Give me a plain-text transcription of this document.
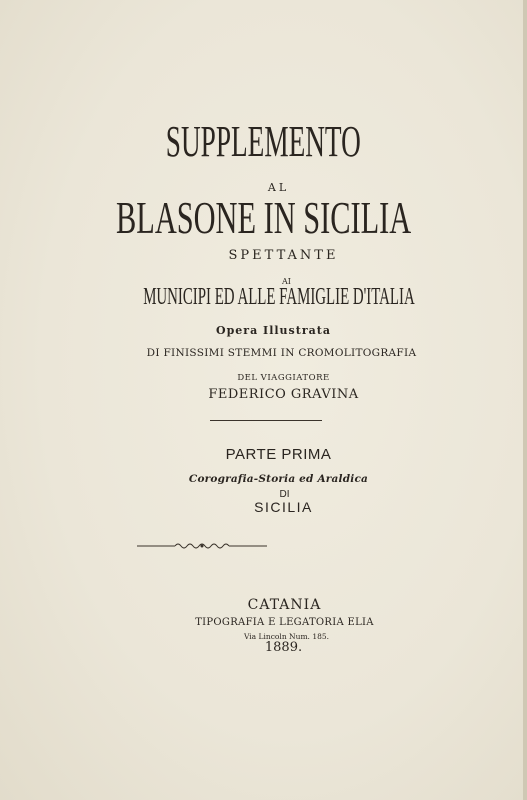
SUPPLEMENTO
AL
BLASONE IN SICILIA
SPETTANTE
AI
MUNICIPI ED ALLE FAMIGLIE D'ITALIA
Opera Illustrata
DI FINISSIMI STEMMI IN CROMOLITOGRAFIA
DEL VIAGGIATORE
FEDERICO GRAVINA
PARTE PRIMA
Corografia-Storia ed Araldica
DI
SICILIA
CATANIA
TIPOGRAFIA E LEGATORIA ELIA
Via Lincoln Num. 185.
1889.
